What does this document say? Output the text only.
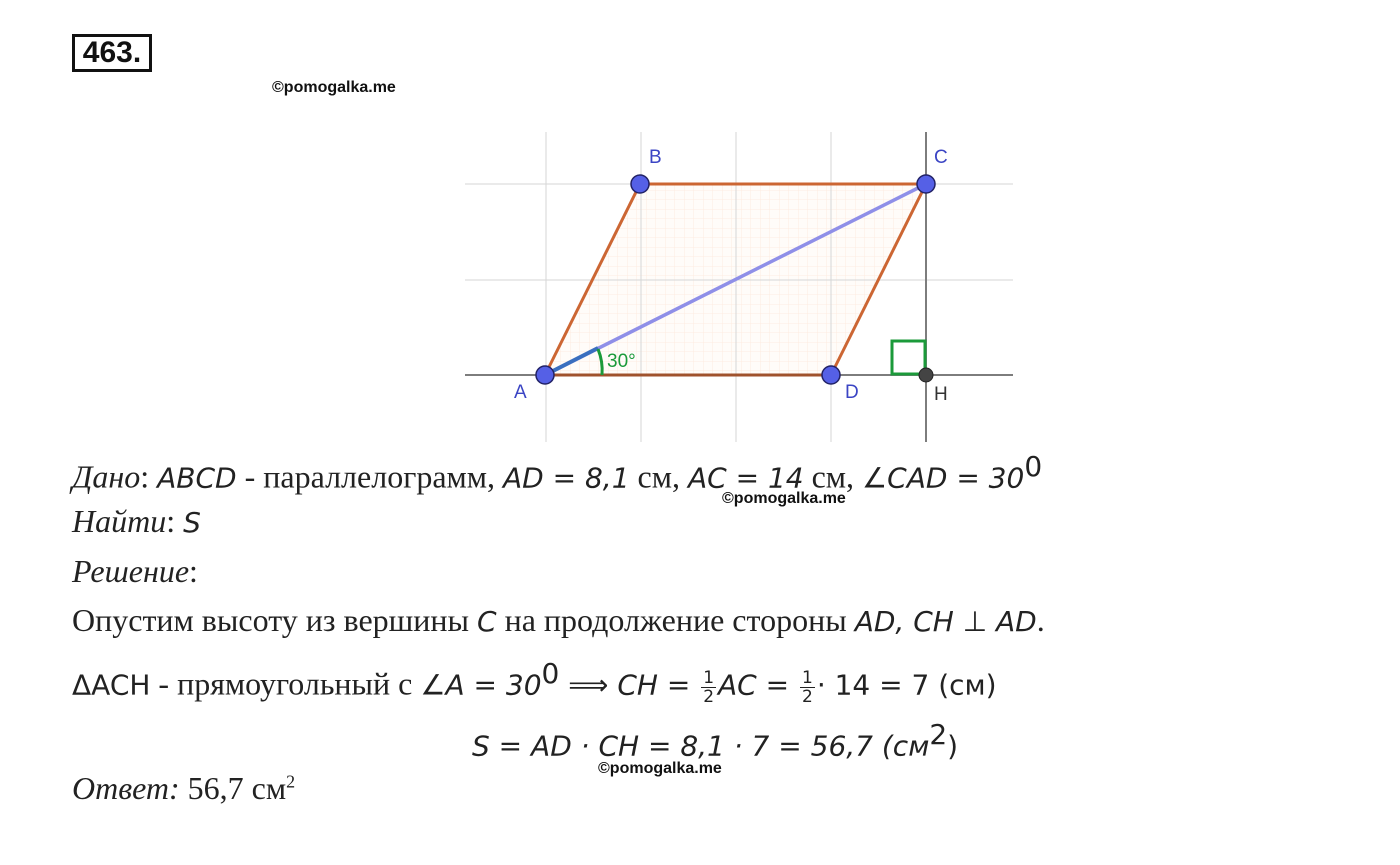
463.
©pomogalka.me
30°
A
B	C
D	H
Дано: ABCD - параллелограмм, AD = 8,1 см, AC = 14 см, ∠CAD = $30^0$
©pomogalka.me
Найти: S
Решение:
Опустим высоту из вершины C на продолжение стороны AD, CH ⊥ AD.
ΔACH - прямоугольный с ∠A = $30^0$ ⟹ CH = $\frac{1}{2}$ AC = $\frac{1}{2} \cdot 14 = 7$ (см)
S = AD · CH = 8,1 · 7 = 56,7 $(см^2)$
©pomogalka.me
Ответ: 56,7 $см^2$
